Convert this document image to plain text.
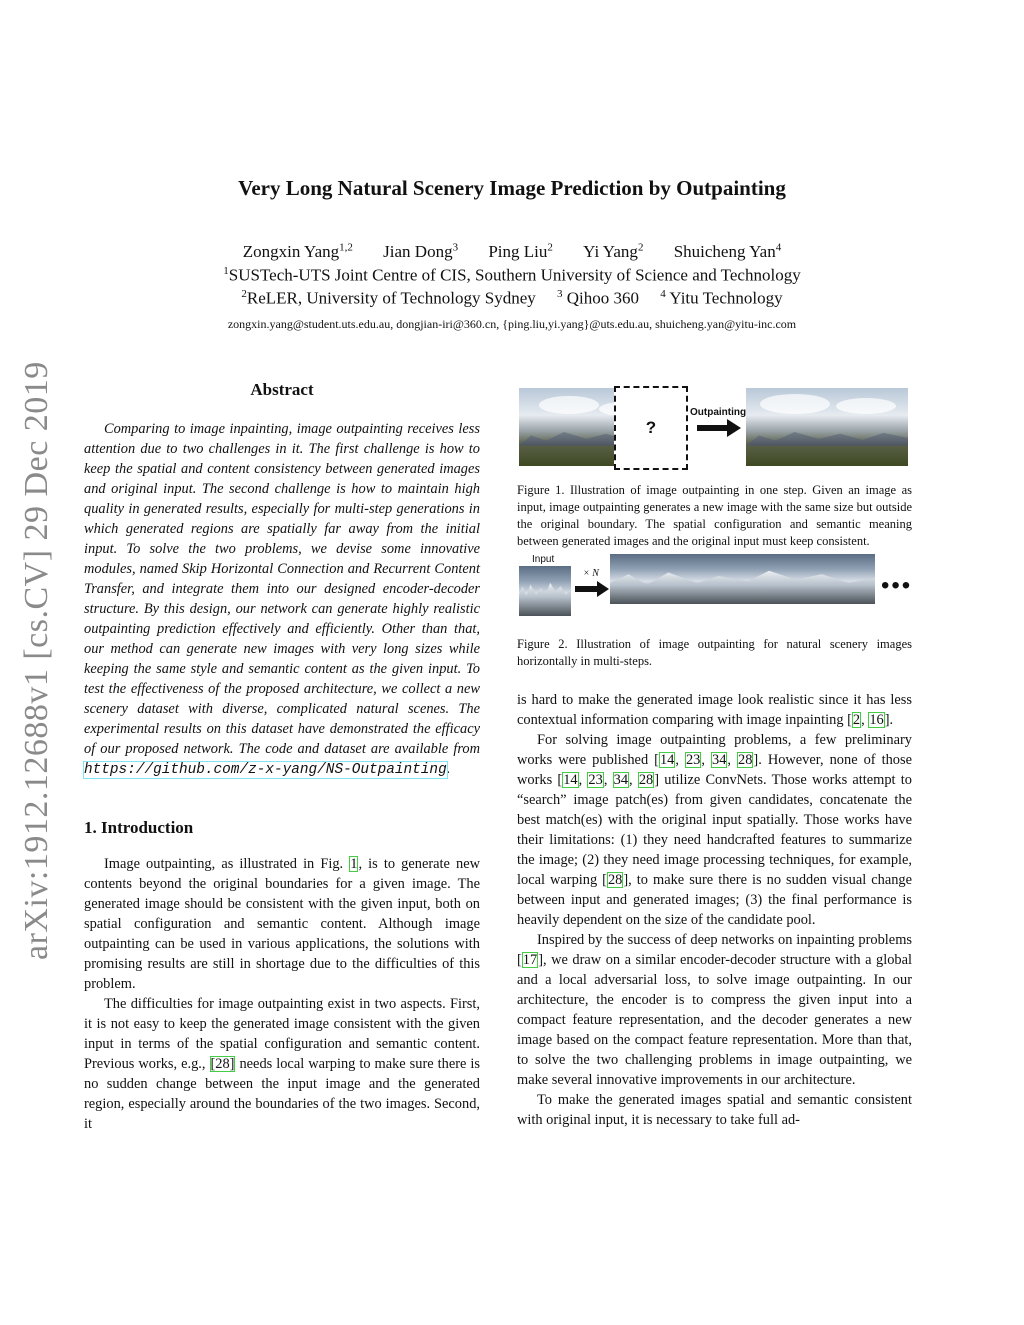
arXiv:1912.12688v1 [cs.CV] 29 Dec 2019
Very Long Natural Scenery Image Prediction by Outpainting
Zongxin Yang$^{1,2}$ Jian Dong$^3$ Ping Liu$^2$ Yi Yang$^2$ Shuicheng Yan$^4$
$^1$SUSTech-UTS Joint Centre of CIS, Southern University of Science and Technology
$^2$ReLER, University of Technology Sydney $^3$ Qihoo 360 $^4$ Yitu Technology
zongxin.yang@student.uts.edu.au, dongjian-iri@360.cn, {ping.liu,yi.yang}@uts.edu.au, shuicheng.yan@yitu-inc.com
Abstract

Comparing to image inpainting, image outpainting receives less attention due to two challenges in it. The first challenge is how to keep the spatial and content consistency between generated images and original input. The second challenge is how to maintain high quality in generated results, especially for multi-step generations in which generated regions are spatially far away from the initial input. To solve the two problems, we devise some innovative modules, named Skip Horizontal Connection and Recurrent Content Transfer, and integrate them into our designed encoder-decoder structure. By this design, our network can generate highly realistic outpainting prediction effectively and efficiently. Other than that, our method can generate new images with very long sizes while keeping the same style and semantic content as the given input. To test the effectiveness of the proposed architecture, we collect a new scenery dataset with diverse, complicated natural scenes. The experimental results on this dataset have demonstrated the efficacy of our proposed network. The code and dataset are available from https://github.com/z-x-yang/NS-Outpainting.

1. Introduction

Image outpainting, as illustrated in Fig. 1, is to generate new contents beyond the original boundaries for a given image. The generated image should be consistent with the given input, both on spatial configuration and semantic content. Although image outpainting can be used in various applications, the solutions with promising results are still in shortage due to the difficulties of this problem.

The difficulties for image outpainting exist in two aspects. First, it is not easy to keep the generated image consistent with the given input in terms of the spatial configuration and semantic content. Previous works, e.g., [28] needs local warping to make sure there is no sudden change between the input image and the generated region, especially around the boundaries of the two images. Second, it

?
Outpainting

Figure 1. Illustration of image outpainting in one step. Given an image as input, image outpainting generates a new image with the same size but outside the original boundary. The spatial configuration and semantic meaning between generated images and the original input must keep consistent.

Input
× N	•••

Figure 2. Illustration of image outpainting for natural scenery images horizontally in multi-steps.

is hard to make the generated image look realistic since it has less contextual information comparing with image inpainting [2, 16].

For solving image outpainting problems, a few preliminary works were published [14, 23, 34, 28]. However, none of those works [14, 23, 34, 28] utilize ConvNets. Those works attempt to “search” image patch(es) from given candidates, concatenate the best match(es) with the original input spatially. Those works have their limitations: (1) they need handcrafted features to summarize the image; (2) they need image processing techniques, for example, local warping [28], to make sure there is no sudden visual change between input and generated images; (3) the final performance is heavily dependent on the size of the candidate pool.

Inspired by the success of deep networks on inpainting problems [17], we draw on a similar encoder-decoder structure with a global and a local adversarial loss, to solve image outpainting. In our architecture, the encoder is to compress the given input into a compact feature representation, and the decoder generates a new image based on the compact feature representation. More than that, to solve the two challenging problems in image outpainting, we make several innovative improvements in our architecture.

To make the generated images spatial and semantic consistent with original input, it is necessary to take full ad-
